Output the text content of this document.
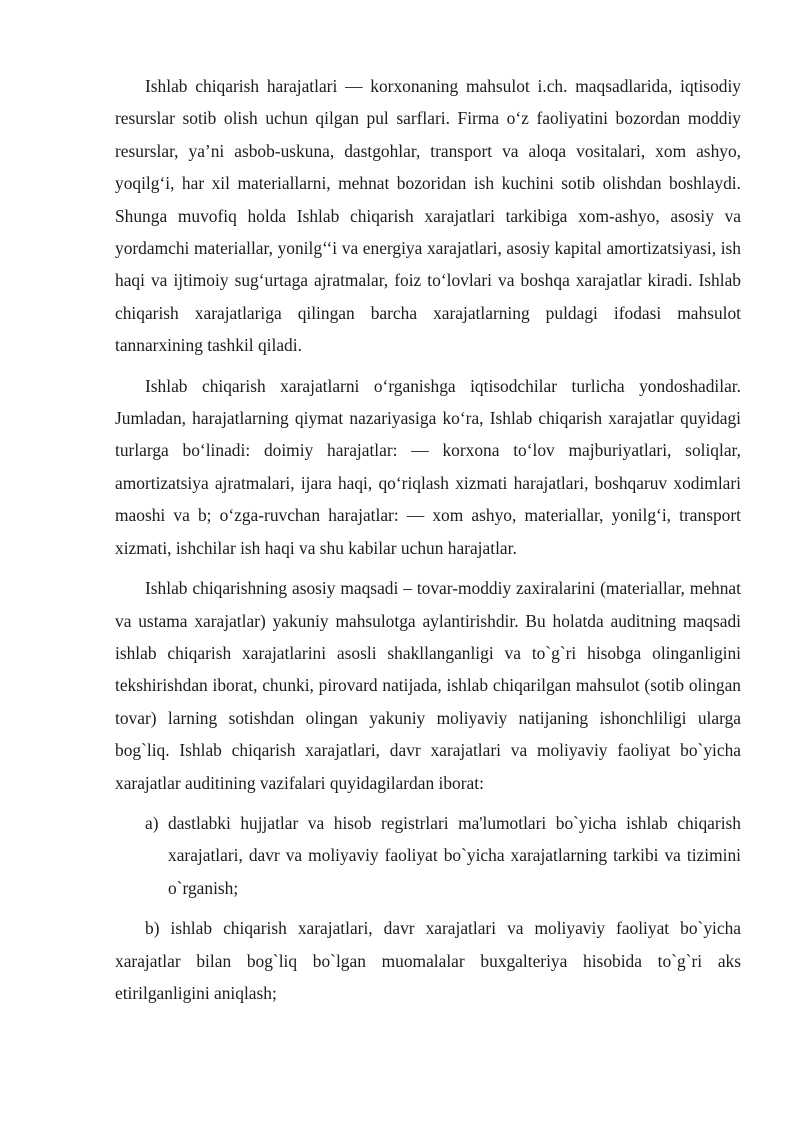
Ishlab chiqarish harajatlari — korxonaning mahsulot i.ch. maqsadlarida, iqtisodiy resurslar sotib olish uchun qilgan pul sarflari. Firma o‘z faoliyatini bozordan moddiy resurslar, ya’ni asbob-uskuna, dastgohlar, transport va aloqa vositalari, xom ashyo, yoqilg‘i, har xil materiallarni, mehnat bozoridan ish kuchini sotib olishdan boshlaydi. Shunga muvofiq holda Ishlab chiqarish xarajatlari tarkibiga xom-ashyo, asosiy va yordamchi materiallar, yonilg‘‘i va energiya xarajatlari, asosiy kapital amortizatsiyasi, ish haqi va ijtimoiy sug‘urtaga ajratmalar, foiz to‘lovlari va boshqa xarajatlar kiradi. Ishlab chiqarish xarajatlariga qilingan barcha xarajatlarning puldagi ifodasi mahsulot tannarxining tashkil qiladi.

Ishlab chiqarish xarajatlarni o‘rganishga iqtisodchilar turlicha yondoshadilar. Jumladan, harajatlarning qiymat nazariyasiga ko‘ra, Ishlab chiqarish xarajatlar quyidagi turlarga bo‘linadi: doimiy harajatlar: — korxona to‘lov majburiyatlari, soliqlar, amortizatsiya ajratmalari, ijara haqi, qo‘riqlash xizmati harajatlari, boshqaruv xodimlari maoshi va b; o‘zga-ruvchan harajatlar: — xom ashyo, materiallar, yonilg‘i, transport xizmati, ishchilar ish haqi va shu kabilar uchun harajatlar.

Ishlab chiqarishning asosiy maqsadi – tovar-moddiy zaxiralarini (materiallar, mehnat va ustama xarajatlar) yakuniy mahsulotga aylantirishdir. Bu holatda auditning maqsadi ishlab chiqarish xarajatlarini asosli shakllanganligi va to`g`ri hisobga olinganligini tekshirishdan iborat, chunki, pirovard natijada, ishlab chiqarilgan mahsulot (sotib olingan tovar) larning sotishdan olingan yakuniy moliyaviy natijaning ishonchliligi ularga bog`liq. Ishlab chiqarish xarajatlari, davr xarajatlari va moliyaviy faoliyat bo`yicha xarajatlar auditining vazifalari quyidagilardan iborat:

a) dastlabki hujjatlar va hisob registrlari ma'lumotlari bo`yicha ishlab chiqarish xarajatlari, davr va moliyaviy faoliyat bo`yicha xarajatlarning tarkibi va tizimini o`rganish;

b) ishlab chiqarish xarajatlari, davr xarajatlari va moliyaviy faoliyat bo`yicha xarajatlar bilan bog`liq bo`lgan muomalalar buxgalteriya hisobida to`g`ri aks etirilganligini aniqlash;
